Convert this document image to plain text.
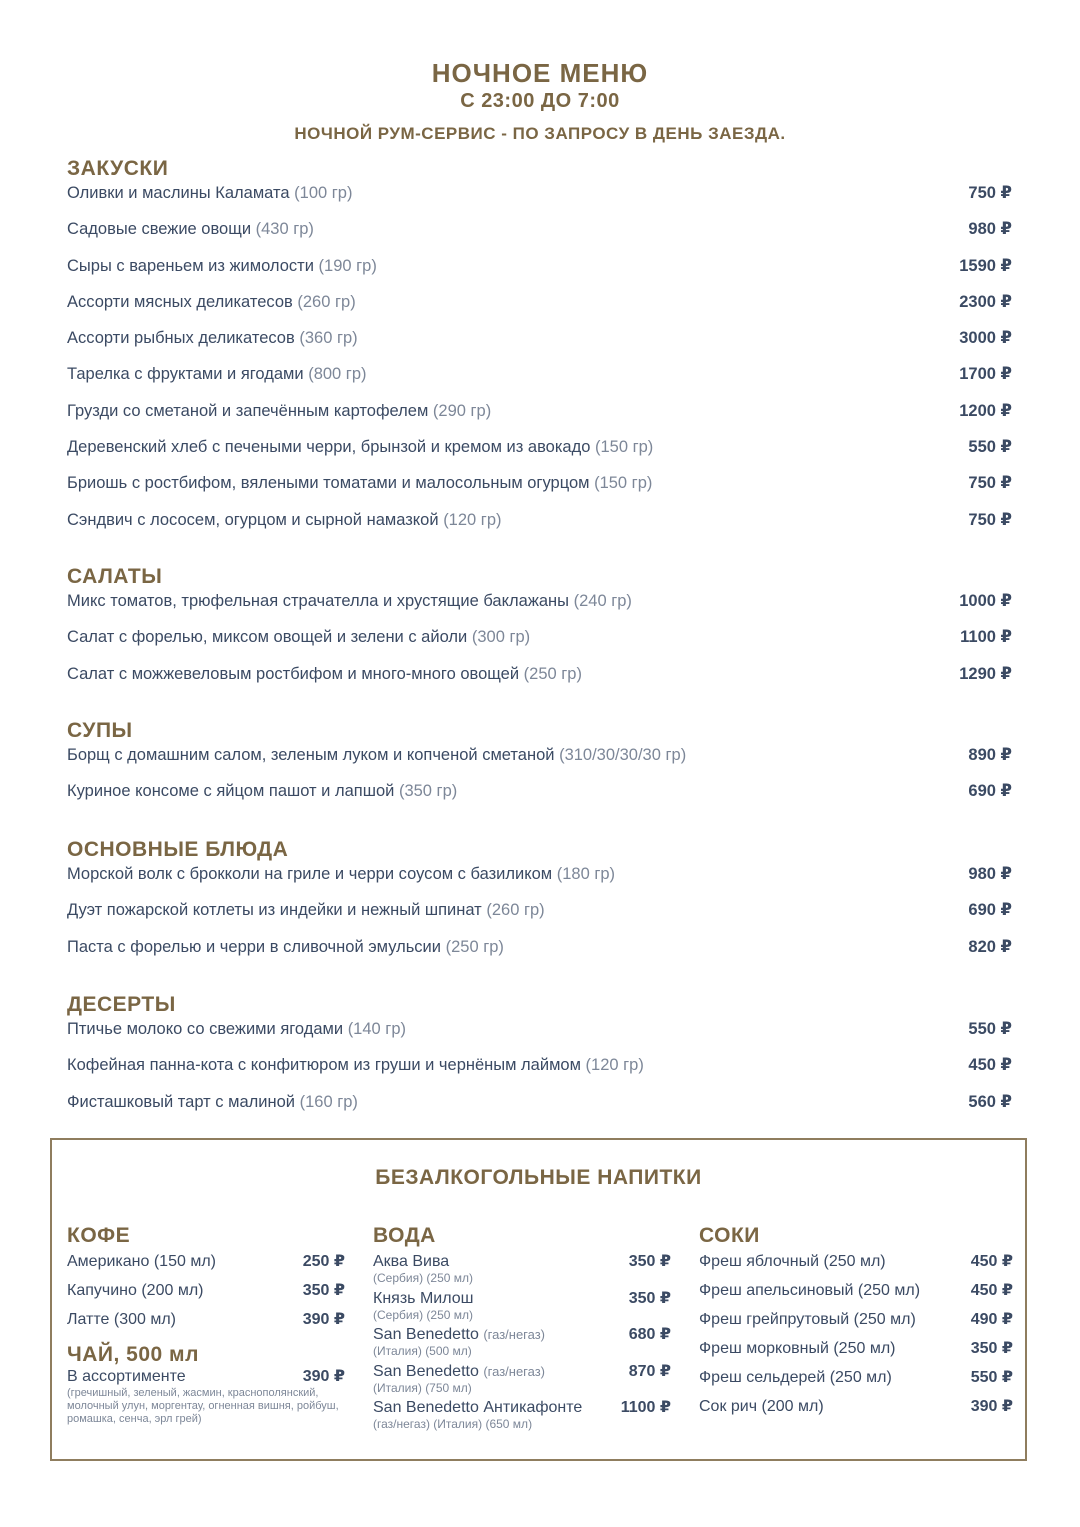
НОЧНОЕ МЕНЮ
С 23:00 ДО 7:00
НОЧНОЙ РУМ-СЕРВИС - ПО ЗАПРОСУ В ДЕНЬ ЗАЕЗДА.
ЗАКУСКИ
Оливки и маслины Каламата (100 гр)	750 ₽
Садовые свежие овощи (430 гр)	980 ₽
Сыры с вареньем из жимолости (190 гр)	1590 ₽
Ассорти мясных деликатесов (260 гр)	2300 ₽
Ассорти рыбных деликатесов (360 гр)	3000 ₽
Тарелка с фруктами и ягодами (800 гр)	1700 ₽
Грузди со сметаной и запечённым картофелем (290 гр)	1200 ₽
Деревенский хлеб с печеными черри, брынзой и кремом из авокадо (150 гр)	550 ₽
Бриошь с ростбифом, вялеными томатами и малосольным огурцом (150 гр)	750 ₽
Сэндвич с лососем, огурцом и сырной намазкой (120 гр)	750 ₽
САЛАТЫ
Микс томатов, трюфельная страчателла и хрустящие баклажаны (240 гр)	1000 ₽
Салат с форелью, миксом овощей и зелени с айоли (300 гр)	1100 ₽
Салат с можжевеловым ростбифом и много-много овощей (250 гр)	1290 ₽
СУПЫ
Борщ с домашним салом, зеленым луком и копченой сметаной (310/30/30/30 гр)	890 ₽
Куриное консоме с яйцом пашот и лапшой (350 гр)	690 ₽
ОСНОВНЫЕ БЛЮДА
Морской волк с брокколи на гриле и черри соусом с базиликом (180 гр)	980 ₽
Дуэт пожарской котлеты из индейки и нежный шпинат (260 гр)	690 ₽
Паста с форелью и черри в сливочной эмульсии (250 гр)	820 ₽
ДЕСЕРТЫ
Птичье молоко со свежими ягодами (140 гр)	550 ₽
Кофейная панна-кота с конфитюром из груши и чернёным лаймом (120 гр)	450 ₽
Фисташковый тарт с малиной (160 гр)	560 ₽
БЕЗАЛКОГОЛЬНЫЕ НАПИТКИ
КОФЕ
Американо (150 мл)	250 ₽
Капучино (200 мл)	350 ₽
Латте (300 мл)	390 ₽
ЧАЙ, 500 мл
В ассортименте	390 ₽
(гречишный, зеленый, жасмин, краснополянский, молочный улун, моргентау, огненная вишня, ройбуш, ромашка, сенча, эрл грей)
ВОДА
Аква Вива	350 ₽
(Сербия) (250 мл)
Князь Милош	350 ₽
(Сербия) (250 мл)
San Benedetto (газ/негаз)	680 ₽
(Италия) (500 мл)
San Benedetto (газ/негаз)	870 ₽
(Италия) (750 мл)
San Benedetto Антикафонте 1100 ₽
(газ/негаз) (Италия) (650 мл)
СОКИ
Фреш яблочный (250 мл)	450 ₽
Фреш апельсиновый (250 мл)	450 ₽
Фреш грейпрутовый (250 мл)	490 ₽
Фреш морковный (250 мл)	350 ₽
Фреш сельдерей (250 мл)	550 ₽
Сок рич (200 мл)	390 ₽
